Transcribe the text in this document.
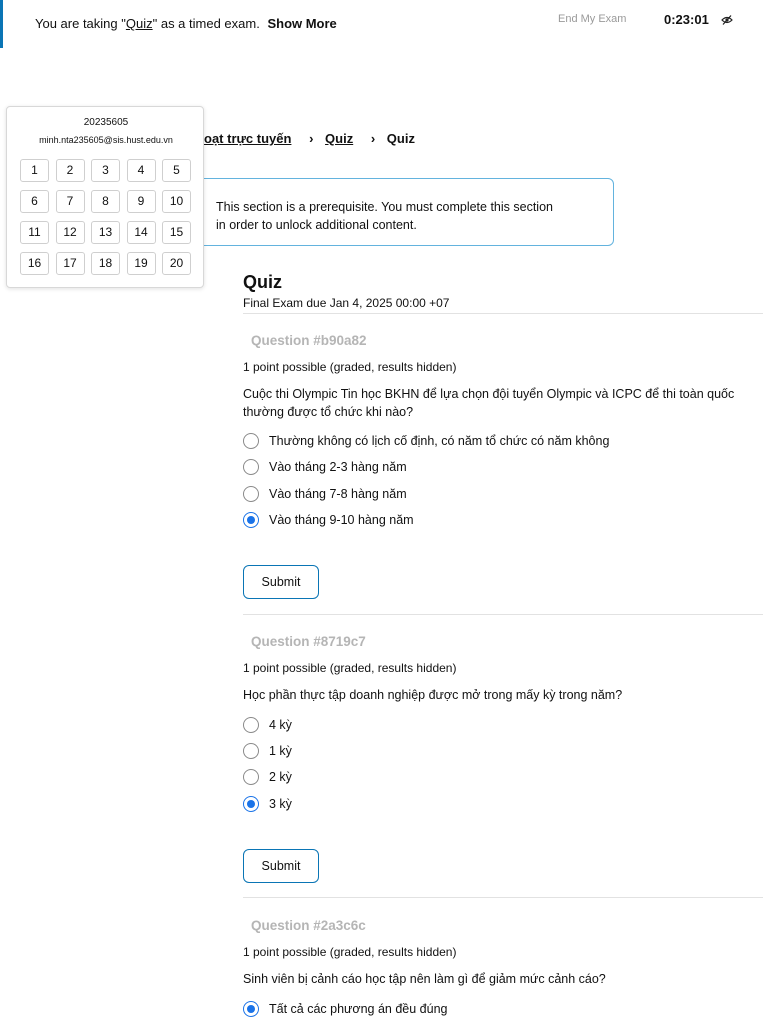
You are taking "Quiz" as a timed exam. Show More	End My Exam	0:23:01
oạt trực tuyến › Quiz › Quiz
This section is a prerequisite. You must complete this section in order to unlock additional content.
Quiz
Final Exam due Jan 4, 2025 00:00 +07
Question #b90a82
1 point possible (graded, results hidden)
Cuộc thi Olympic Tin học BKHN để lựa chọn đội tuyển Olympic và ICPC để thi toàn quốc thường được tổ chức khi nào?
Thường không có lịch cố định, có năm tổ chức có năm không
Vào tháng 2-3 hàng năm
Vào tháng 7-8 hàng năm
Vào tháng 9-10 hàng năm
Submit
Question #8719c7
1 point possible (graded, results hidden)
Học phần thực tập doanh nghiệp được mở trong mấy kỳ trong năm?
4 kỳ
1 kỳ
2 kỳ
3 kỳ
Submit
Question #2a3c6c
1 point possible (graded, results hidden)
Sinh viên bị cảnh cáo học tập nên làm gì để giảm mức cảnh cáo?
Tất cả các phương án đều đúng
20235605
minh.nta235605@sis.hust.edu.vn
1	2	3	4	5
6	7	8	9	10
11	12	13	14	15
16	17	18	19	20
